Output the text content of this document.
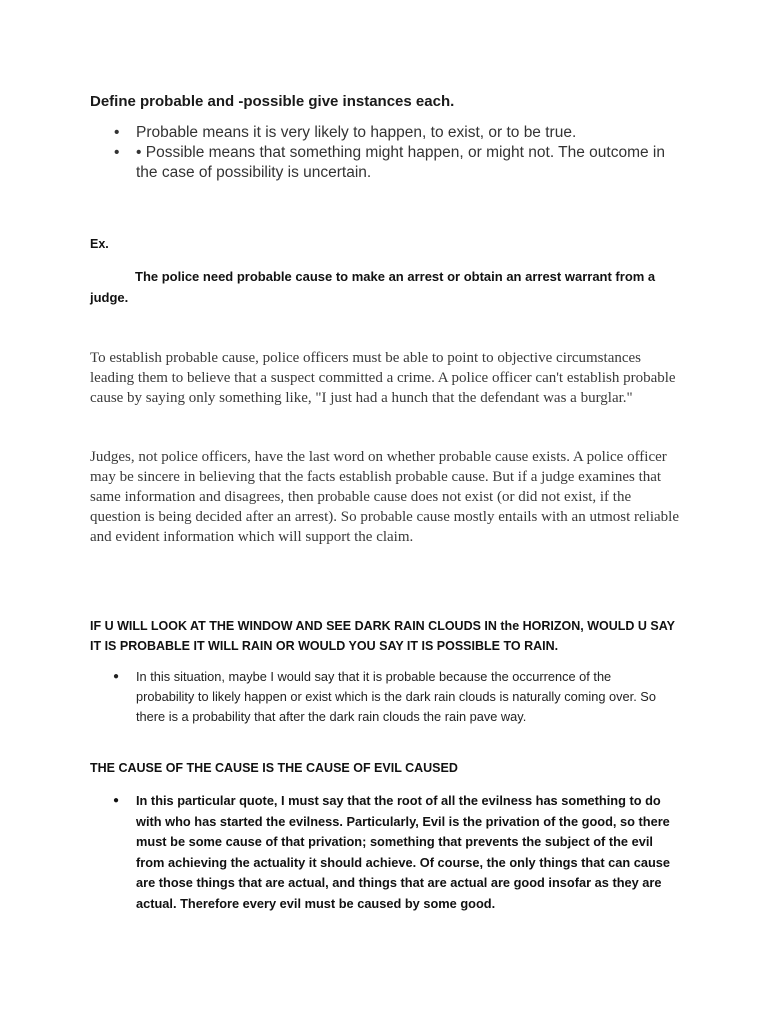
Define probable and -possible give instances each.
• Probable means it is very likely to happen, to exist, or to be true.
• • Possible means that something might happen, or might not. The outcome in the case of possibility is uncertain.
Ex.
The police need probable cause to make an arrest or obtain an arrest warrant from a judge.
To establish probable cause, police officers must be able to point to objective circumstances leading them to believe that a suspect committed a crime. A police officer can't establish probable cause by saying only something like, "I just had a hunch that the defendant was a burglar."
Judges, not police officers, have the last word on whether probable cause exists. A police officer may be sincere in believing that the facts establish probable cause. But if a judge examines that same information and disagrees, then probable cause does not exist (or did not exist, if the question is being decided after an arrest). So probable cause mostly entails with an utmost reliable and evident information which will support the claim.
IF U WILL LOOK AT THE WINDOW AND SEE DARK RAIN CLOUDS IN the HORIZON, WOULD U SAY IT IS PROBABLE IT WILL RAIN OR WOULD YOU SAY IT IS POSSIBLE TO RAIN.
● In this situation, maybe I would say that it is probable because the occurrence of the probability to likely happen or exist which is the dark rain clouds is naturally coming over. So there is a probability that after the dark rain clouds the rain pave way.
THE CAUSE OF THE CAUSE IS THE CAUSE OF EVIL CAUSED
● In this particular quote, I must say that the root of all the evilness has something to do with who has started the evilness. Particularly, Evil is the privation of the good, so there must be some cause of that privation; something that prevents the subject of the evil from achieving the actuality it should achieve. Of course, the only things that can cause are those things that are actual, and things that are actual are good insofar as they are actual. Therefore every evil must be caused by some good.
